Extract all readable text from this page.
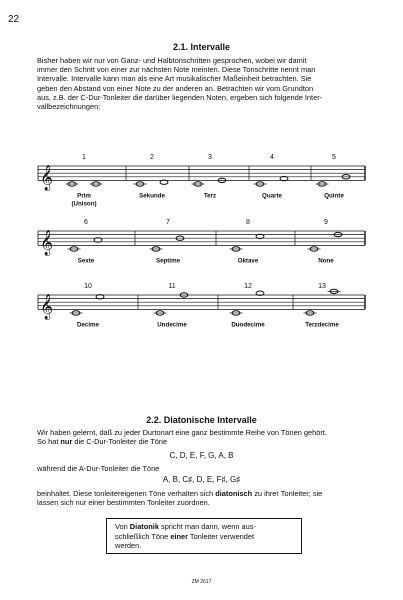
22
2.1. Intervalle
Bisher haben wir nur von Ganz- und Halbtonschritten gesprochen, wobei wir damit
immer den Schritt von einer zur nächsten Note meinten. Diese Tonschritte nennt man
Intervalle. Intervalle kann man als eine Art musikalischer Maßeinheit betrachten. Sie
geben den Abstand von einer Note zu der anderen an. Betrachten wir vom Grundton
aus, z.B. der C-Dur-Tonleiter die darüber liegenden Noten, ergeben sich folgende Inter-
vallbezeichnungen:
𝄞
1
Prim
(Unison)
2
Sekunde
3
Terz
4
Quarte
5
Quinte
𝄞
6
Sexte
7
Septime
8
Oktave
9
None
𝄞
10
Decime
11
Undecime
12
Duodecime
13
Terzdecime
2.2. Diatonische Intervalle
Wir haben gelernt, daß zu jeder Durtonart eine ganz bestimmte Reihe von Tönen gehört.
So hat nur die C-Dur-Tonleiter die Töne
C, D, E, F, G, A, B
während die A-Dur-Tonleiter die Töne
A, B, C♯, D, E, F♯, G♯
beinhaltet. Diese tonleitereigenen Töne verhalten sich diatonisch zu ihrer Tonleiter; sie
lassen sich nur einer bestimmten Tonleiter zuordnen.
Von Diatonik spricht man dann, wenn aus-
schließlich Töne einer Tonleiter verwendet
werden.
ZM 2617
